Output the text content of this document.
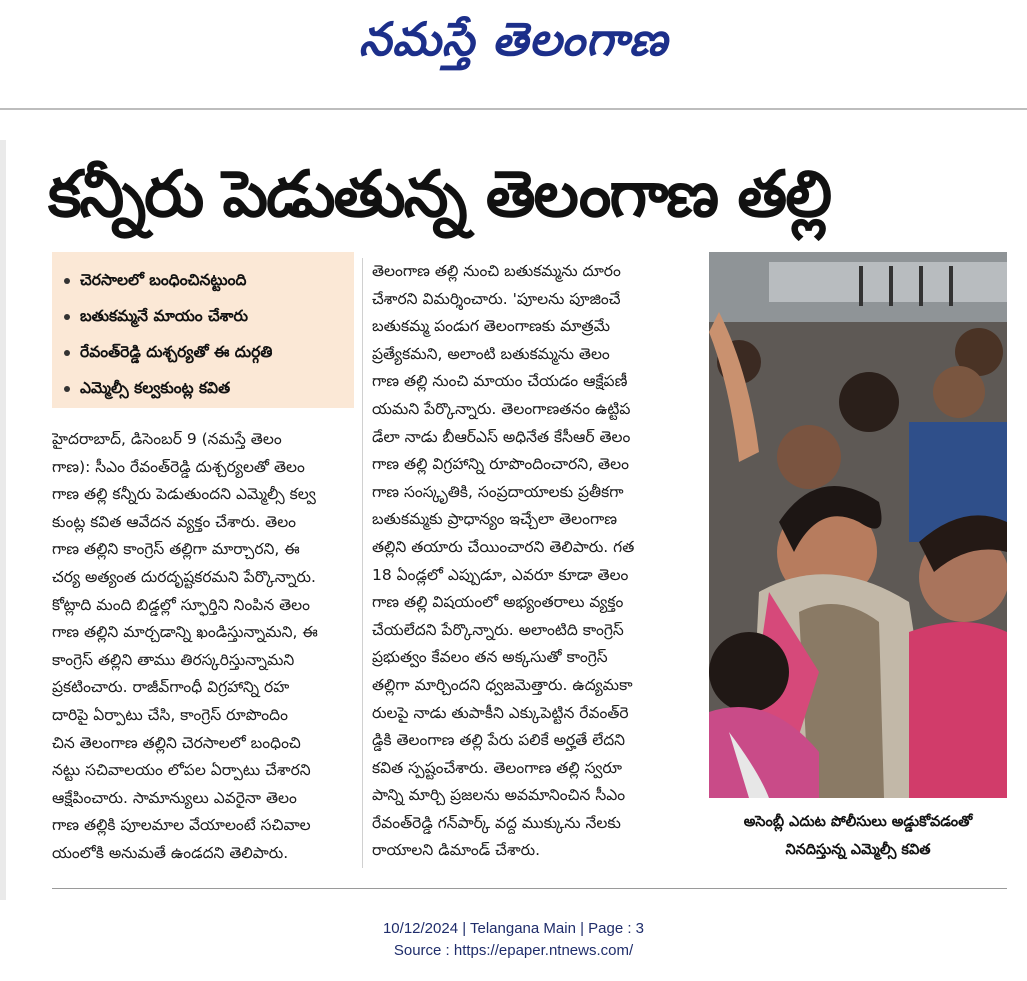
నమస్తే తెలంగాణ
కన్నీరు పెడుతున్న తెలంగాణ తల్లి
చెరసాలలో బంధించినట్టుంది
బతుకమ్మనే మాయం చేశారు
రేవంత్‌రెడ్డి దుశ్చర్యతో ఈ దుర్గతి
ఎమ్మెల్సీ కల్వకుంట్ల కవిత

హైదరాబాద్, డిసెంబర్ 9 (నమస్తే తెలం

గాణ): సీఎం రేవంత్‌రెడ్డి దుశ్చర్యలతో తెలం

గాణ తల్లి కన్నీరు పెడుతుందని ఎమ్మెల్సీ కల్వ

కుంట్ల కవిత ఆవేదన వ్యక్తం చేశారు. తెలం

గాణ తల్లిని కాంగ్రెస్ తల్లిగా మార్చారని, ఈ

చర్య అత్యంత దురదృష్టకరమని పేర్కొన్నారు.

కోట్లాది మంది బిడ్డల్లో స్ఫూర్తిని నింపిన తెలం

గాణ తల్లిని మార్చడాన్ని ఖండిస్తున్నామని, ఈ

కాంగ్రెస్ తల్లిని తాము తిరస్కరిస్తున్నామని

ప్రకటించారు. రాజీవ్‌గాంధీ విగ్రహాన్ని రహ

దారిపై ఏర్పాటు చేసి, కాంగ్రెస్ రూపొందిం

చిన తెలంగాణ తల్లిని చెరసాలలో బంధించి

నట్టు సచివాలయం లోపల ఏర్పాటు చేశారని

ఆక్షేపించారు. సామాన్యులు ఎవరైనా తెలం

గాణ తల్లికి పూలమాల వేయాలంటే సచివాల

యంలోకి అనుమతే ఉండదని తెలిపారు.

తెలంగాణ తల్లి నుంచి బతుకమ్మను దూరం

చేశారని విమర్శించారు. 'పూలను పూజించే

బతుకమ్మ పండుగ తెలంగాణకు మాత్రమే

ప్రత్యేకమని, అలాంటి బతుకమ్మను తెలం

గాణ తల్లి నుంచి మాయం చేయడం ఆక్షేపణీ

యమని పేర్కొన్నారు. తెలంగాణతనం ఉట్టిప

డేలా నాడు బీఆర్‌ఎస్ అధినేత కేసీఆర్ తెలం

గాణ తల్లి విగ్రహాన్ని రూపొందించారని, తెలం

గాణ సంస్కృతికి, సంప్రదాయాలకు ప్రతీకగా

బతుకమ్మకు ప్రాధాన్యం ఇచ్చేలా తెలంగాణ

తల్లిని తయారు చేయించారని తెలిపారు. గత

18 ఏండ్లలో ఎప్పుడూ, ఎవరూ కూడా తెలం

గాణ తల్లి విషయంలో అభ్యంతరాలు వ్యక్తం

చేయలేదని పేర్కొన్నారు. అలాంటిది కాంగ్రెస్

ప్రభుత్వం కేవలం తన అక్కసుతో కాంగ్రెస్

తల్లిగా మార్చిందని ధ్వజమెత్తారు. ఉద్యమకా

రులపై నాడు తుపాకీని ఎక్కుపెట్టిన రేవంత్‌రె

డ్డికి తెలంగాణ తల్లి పేరు పలికే అర్హతే లేదని

కవిత స్పష్టంచేశారు. తెలంగాణ తల్లి స్వరూ

పాన్ని మార్చి ప్రజలను అవమానించిన సీఎం

రేవంత్‌రెడ్డి గన్‌పార్క్ వద్ద ముక్కును నేలకు

రాయాలని డిమాండ్ చేశారు.

అసెంబ్లీ ఎదుట పోలీసులు అడ్డుకోవడంతో
నినదిస్తున్న ఎమ్మెల్సీ కవిత
10/12/2024 | Telangana Main | Page : 3
Source : https://epaper.ntnews.com/
